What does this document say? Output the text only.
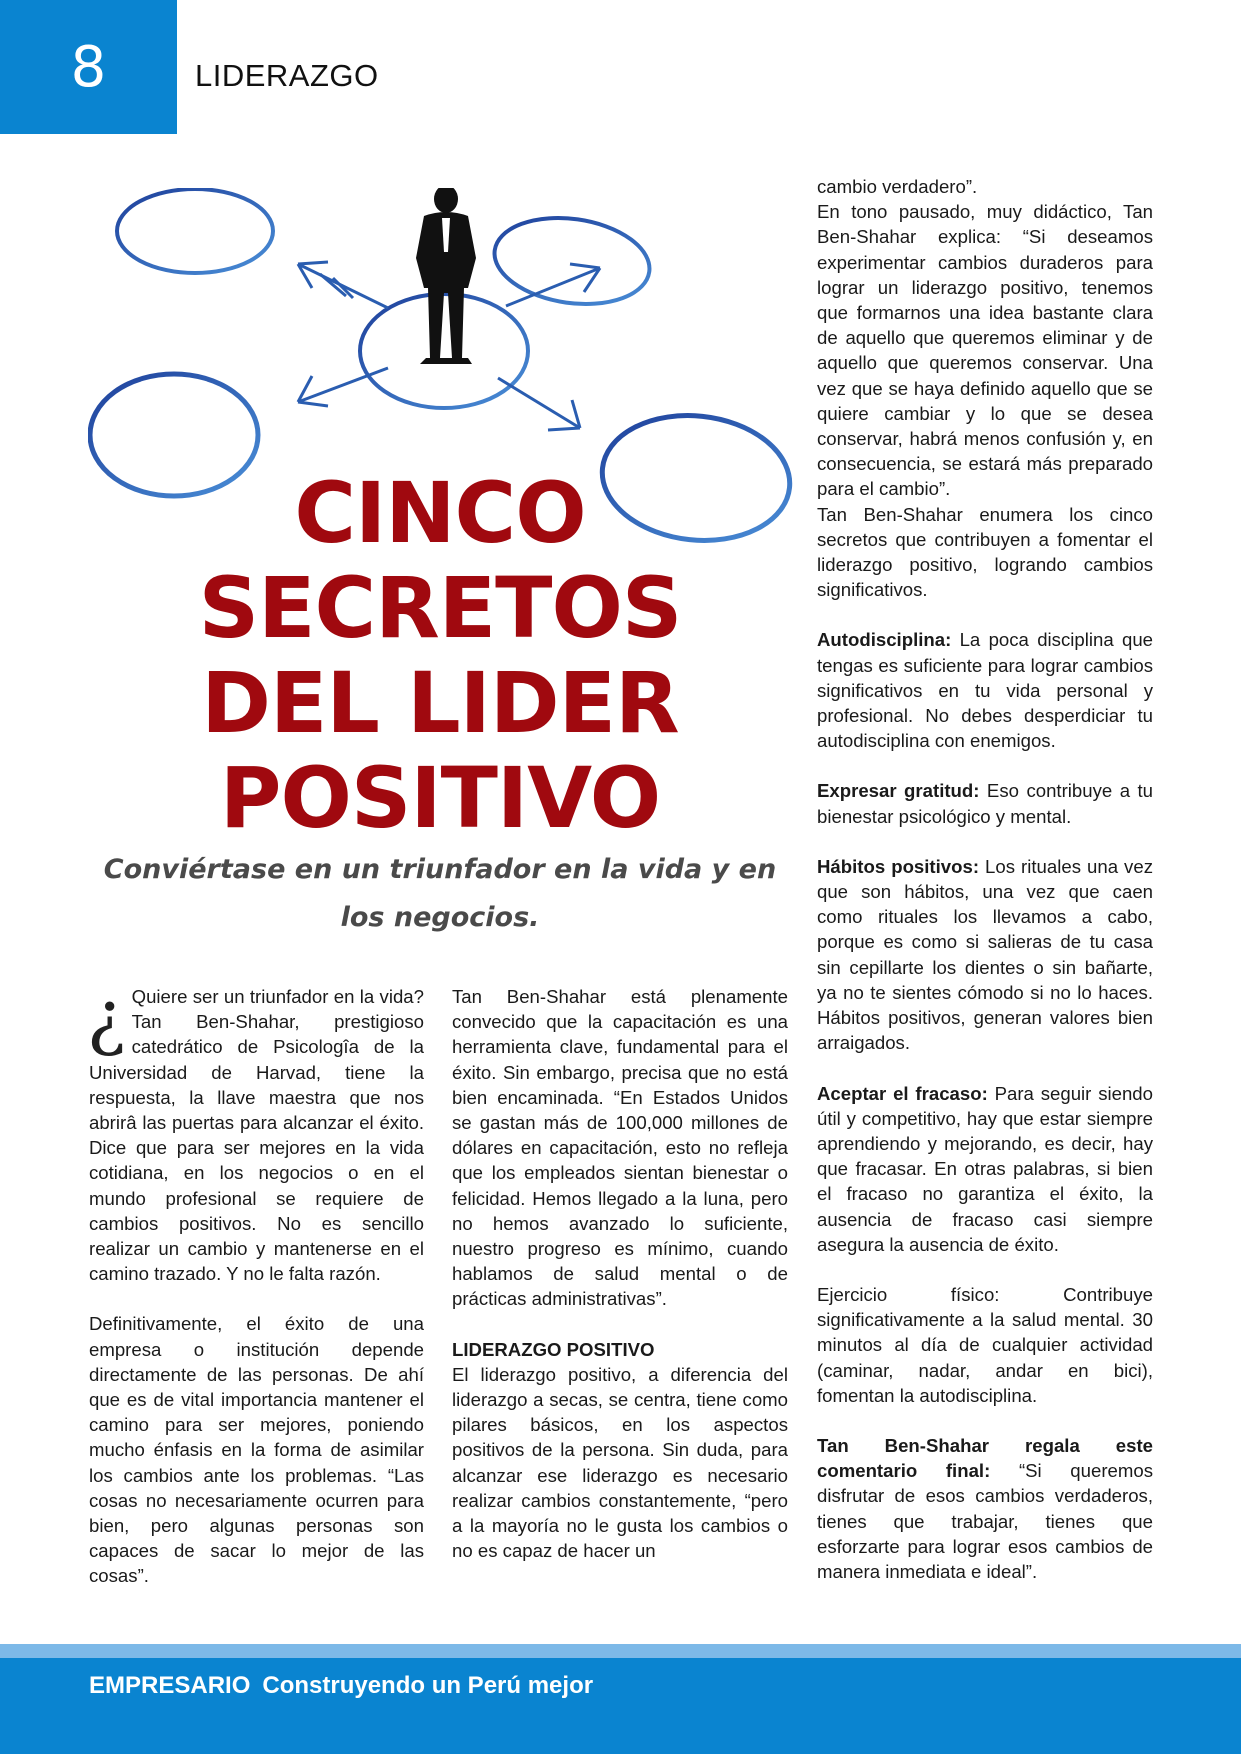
8	LIDERAZGO
CINCO
SECRETOS
DEL LIDER
POSITIVO
Conviértase en un triunfador en la vida y en los negocios.

¿ Quiere ser un triunfador en la vida? Tan Ben-Shahar, prestigioso catedrático de Psicologîa de la Universidad de Harvad, tiene la respuesta, la llave maestra que nos abrirâ las puertas para alcanzar el éxito. Dice que para ser mejores en la vida cotidiana, en los negocios o en el mundo profesional se requiere de cambios positivos. No es sencillo realizar un cambio y mantenerse en el camino trazado. Y no le falta razón.

Definitivamente, el éxito de una empresa o institución depende directamente de las personas. De ahí que es de vital importancia mantener el camino para ser mejores, poniendo mucho énfasis en la forma de asimilar los cambios ante los problemas. “Las cosas no necesariamente ocurren para bien, pero algunas personas son capaces de sacar lo mejor de las cosas”.

Tan Ben-Shahar está plenamente convecido que la capacitación es una herramienta clave, fundamental para el éxito. Sin embargo, precisa que no está bien encaminada. “En Estados Unidos se gastan más de 100,000 millones de dólares en capacitación, esto no refleja que los empleados sientan bienestar o felicidad. Hemos llegado a la luna, pero no hemos avanzado lo suficiente, nuestro progreso es mínimo, cuando hablamos de salud mental o de prácticas administrativas”.

LIDERAZGO POSITIVO
El liderazgo positivo, a diferencia del liderazgo a secas, se centra, tiene como pilares básicos, en los aspectos positivos de la persona. Sin duda, para alcanzar ese liderazgo es necesario realizar cambios constantemente, “pero a la mayoría no le gusta los cambios o no es capaz de hacer un

cambio verdadero”.

En tono pausado, muy didáctico, Tan Ben-Shahar explica: “Si deseamos experimentar cambios duraderos para lograr un liderazgo positivo, tenemos que formarnos una idea bastante clara de aquello que queremos eliminar y de aquello que queremos conservar. Una vez que se haya definido aquello que se quiere cambiar y lo que se desea conservar, habrá menos confusión y, en consecuencia, se estará más preparado para el cambio”.

Tan Ben-Shahar enumera los cinco secretos que contribuyen a fomentar el liderazgo positivo, logrando cambios significativos.

Autodisciplina: La poca disciplina que tengas es suficiente para lograr cambios significativos en tu vida personal y profesional. No debes desperdiciar tu autodisciplina con enemigos.

Expresar gratitud: Eso contribuye a tu bienestar psicológico y mental.

Hábitos positivos: Los rituales una vez que son hábitos, una vez que caen como rituales los llevamos a cabo, porque es como si salieras de tu casa sin cepillarte los dientes o sin bañarte, ya no te sientes cómodo si no lo haces. Hábitos positivos, generan valores bien arraigados.

Aceptar el fracaso: Para seguir siendo útil y competitivo, hay que estar siempre aprendiendo y mejorando, es decir, hay que fracasar. En otras palabras, si bien el fracaso no garantiza el éxito, la ausencia de fracaso casi siempre asegura la ausencia de éxito.

Ejercicio físico: Contribuye significativamente a la salud mental. 30 minutos al día de cualquier actividad (caminar, nadar, andar en bici), fomentan la autodisciplina.

Tan Ben-Shahar regala este comentario final: “Si queremos disfrutar de esos cambios verdaderos, tienes que trabajar, tienes que esforzarte para lograr esos cambios de manera inmediata e ideal”.

EMPRESARIO Construyendo un Perú mejor
